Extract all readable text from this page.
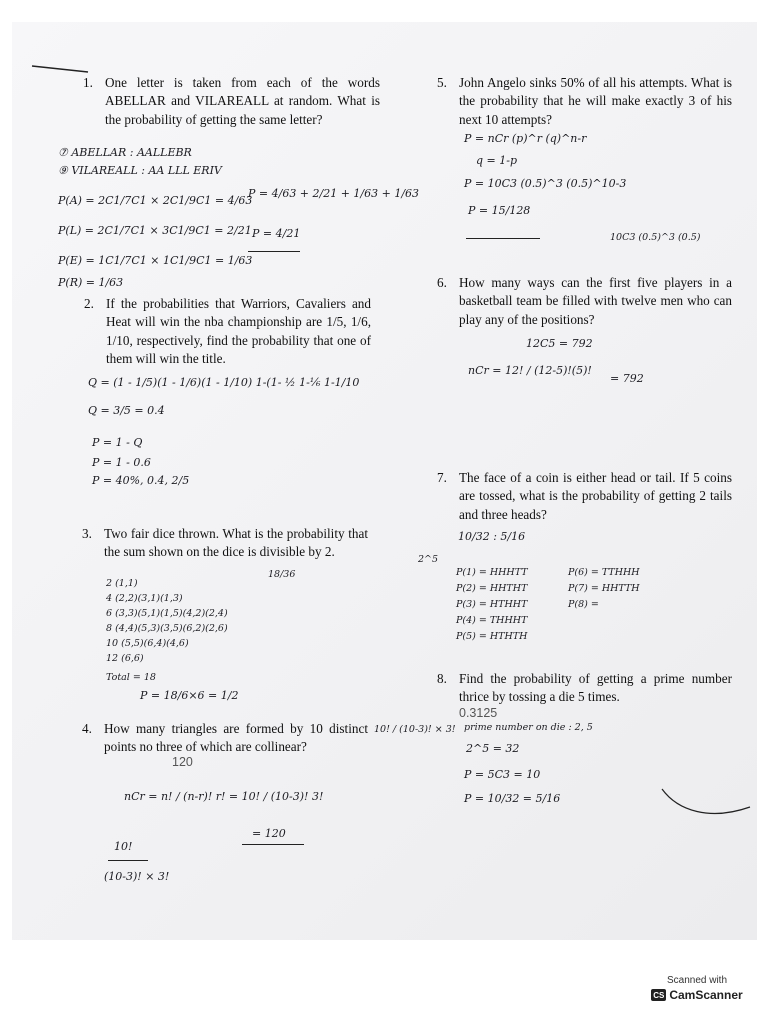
1. One letter is taken from each of the words ABELLAR and VILAREALL at random. What is the probability of getting the same letter?

⑦ ABELLAR : AALLEBR
⑨ VILAREALL : AA LLL ERIV
P(A) = 2C1/7C1 × 2C1/9C1 = 4/63
P(L) = 2C1/7C1 × 3C1/9C1 = 2/21
P(E) = 1C1/7C1 × 1C1/9C1 = 1/63
P(R) = 1/63
P = 4/63 + 2/21 + 1/63 + 1/63
P = 4/21

2. If the probabilities that Warriors, Cavaliers and Heat will win the nba championship are 1/5, 1/6, 1/10, respectively, find the probability that one of them will win the title.

Q = (1 - 1/5)(1 - 1/6)(1 - 1/10) 1-(1- ½ 1-⅙ 1-1/10
Q = 3/5 = 0.4
P = 1 - Q
P = 1 - 0.6
P = 40%, 0.4, 2/5

3. Two fair dice thrown. What is the probability that the sum shown on the dice is divisible by 2.

18/36
2 (1,1)
4 (2,2)(3,1)(1,3)
6 (3,3)(5,1)(1,5)(4,2)(2,4)
8 (4,4)(5,3)(3,5)(6,2)(2,6)
10 (5,5)(6,4)(4,6)
12 (6,6)
Total = 18
P = 18/6×6 = 1/2

4. How many triangles are formed by 10 distinct points no three of which are collinear?

120
10! / (10-3)! × 3!
nCr = n! / (n-r)! r! = 10! / (10-3)! 3!
= 120
10!
(10-3)! × 3!

5. John Angelo sinks 50% of all his attempts. What is the probability that he will make exactly 3 of his next 10 attempts?

P = nCr (p)^r (q)^n-r
q = 1-p
P = 10C3 (0.5)^3 (0.5)^10-3
P = 15/128
10C3 (0.5)^3 (0.5)

6. How many ways can the first five players in a basketball team be filled with twelve men who can play any of the positions?

12C5 = 792
nCr = 12! / (12-5)!(5)!
= 792

7. The face of a coin is either head or tail. If 5 coins are tossed, what is the probability of getting 2 tails and three heads?

10/32 : 5/16
2^5
P(1) = HHHTT
P(2) = HHTHT
P(3) = HTHHT
P(4) = THHHT
P(5) = HTHTH
P(6) = TTHHH
P(7) = HHTTH
P(8) =

8. Find the probability of getting a prime number thrice by tossing a die 5 times.

0.3125
prime number on die : 2, 5
2^5 = 32
P = 5C3 = 10
P = 10/32 = 5/16
Scanned with
CS CamScanner
